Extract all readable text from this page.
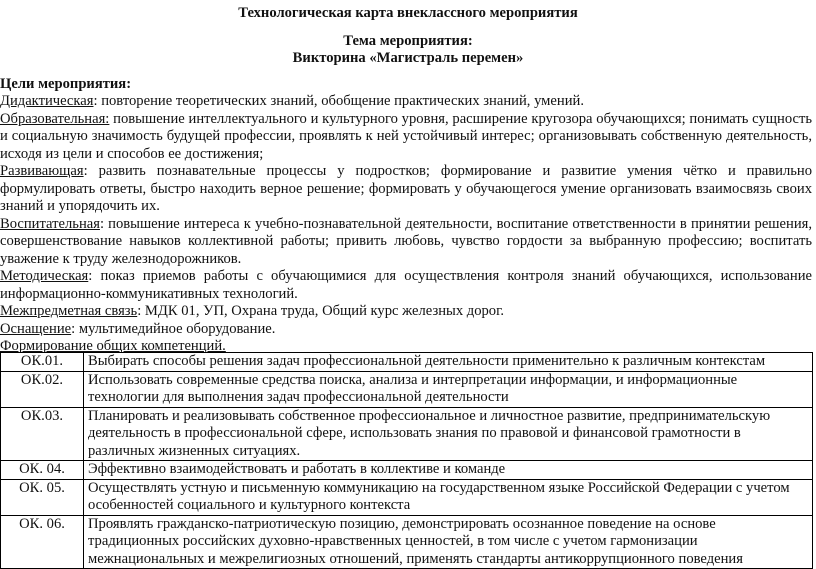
Технологическая карта внеклассного мероприятия
Тема мероприятия:
Викторина «Магистраль перемен»
Цели мероприятия:

Дидактическая: повторение теоретических знаний, обобщение практических знаний, умений.

Образовательная: повышение интеллектуального и культурного уровня, расширение кругозора обучающихся; понимать сущность и социальную значимость будущей профессии, проявлять к ней устойчивый интерес; организовывать собственную деятельность, исходя из цели и способов ее достижения;

Развивающая: развить познавательные процессы у подростков; формирование и развитие умения чётко и правильно формулировать ответы, быстро находить верное решение; формировать у обучающегося умение организовать взаимосвязь своих знаний и упорядочить их.

Воспитательная: повышение интереса к учебно-познавательной деятельности, воспитание ответственности в принятии решения, совершенствование навыков коллективной работы; привить любовь, чувство гордости за выбранную профессию; воспитать уважение к труду железнодорожников.

Методическая: показ приемов работы с обучающимися для осуществления контроля знаний обучающихся, использование информационно-коммуникативных технологий.

Межпредметная связь: МДК 01, УП, Охрана труда, Общий курс железных дорог.

Оснащение: мультимедийное оборудование.

Формирование общих компетенций.

ОК.01.	Выбирать способы решения задач профессиональной деятельности применительно к различным контекстам
ОК.02.	Использовать современные средства поиска, анализа и интерпретации информации, и информационные технологии для выполнения задач профессиональной деятельности
ОК.03.	Планировать и реализовывать собственное профессиональное и личностное развитие, предпринимательскую деятельность в профессиональной сфере, использовать знания по правовой и финансовой грамотности в различных жизненных ситуациях.
ОК. 04.	Эффективно взаимодействовать и работать в коллективе и команде
ОК. 05.	Осуществлять устную и письменную коммуникацию на государственном языке Российской Федерации с учетом особенностей социального и культурного контекста
ОК. 06.	Проявлять гражданско-патриотическую позицию, демонстрировать осознанное поведение на основе традиционных российских духовно-нравственных ценностей, в том числе с учетом гармонизации межнациональных и межрелигиозных отношений, применять стандарты антикоррупционного поведения
